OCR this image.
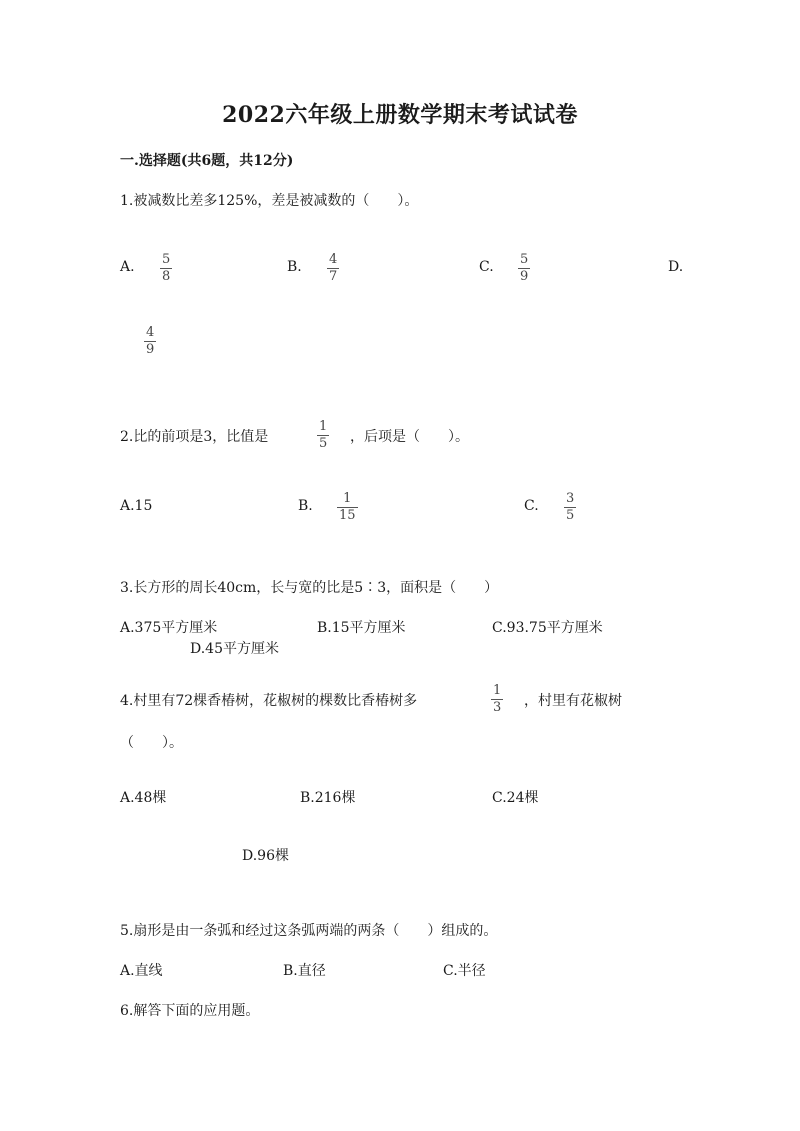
2022六年级上册数学期末考试试卷
一.选择题(共6题，共12分)
1.被减数比差多125%，差是被减数的（　　）。
A. 5
8
B. 4
7
C. 5
9
D.
4
9
2.比的前项是3，比值是
1
5 ，后项是（　　）。
A.15	B. 1
15
C. 3
5
3.长方形的周长40cm，长与宽的比是5∶3，面积是（　　）
A.375平方厘米	B.15平方厘米	C.93.75平方厘米
D.45平方厘米
4.村里有72棵香椿树，花椒树的棵数比香椿树多
1
3 ，村里有花椒树
（　　）。
A.48棵	B.216棵	C.24棵
D.96棵
5.扇形是由一条弧和经过这条弧两端的两条（　　）组成的。
A.直线	B.直径	C.半径
6.解答下面的应用题。
